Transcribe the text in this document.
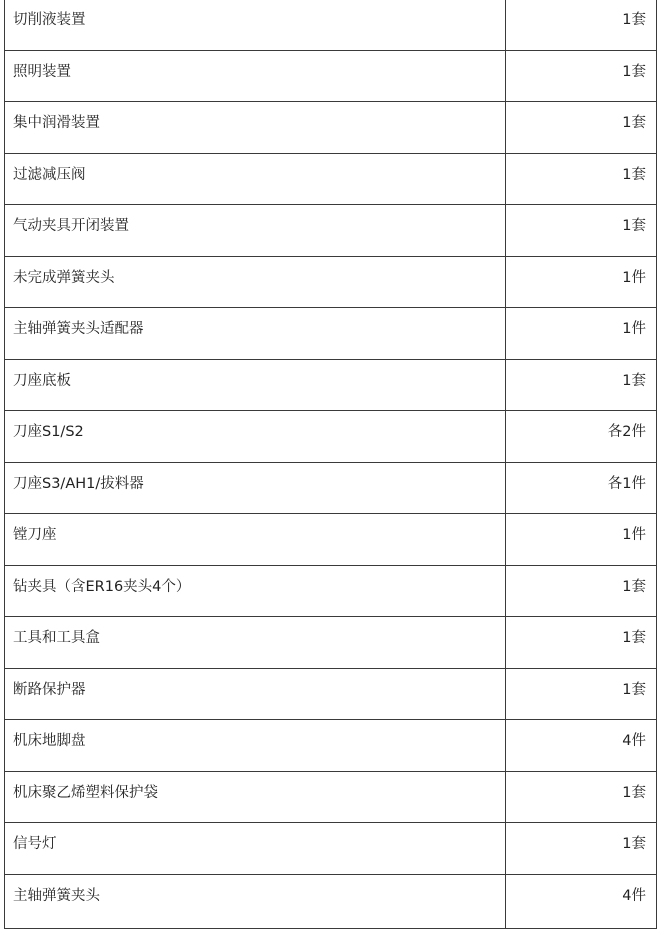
切削液装置	1套
照明装置	1套
集中润滑装置	1套
过滤减压阀	1套
气动夹具开闭装置	1套
未完成弹簧夹头	1件
主轴弹簧夹头适配器	1件
刀座底板	1套
刀座S1/S2	各2件
刀座S3/AH1/拔料器	各1件
镗刀座	1件
钻夹具（含ER16夹头4个）	1套
工具和工具盒	1套
断路保护器	1套
机床地脚盘	4件
机床聚乙烯塑料保护袋	1套
信号灯	1套
主轴弹簧夹头	4件
